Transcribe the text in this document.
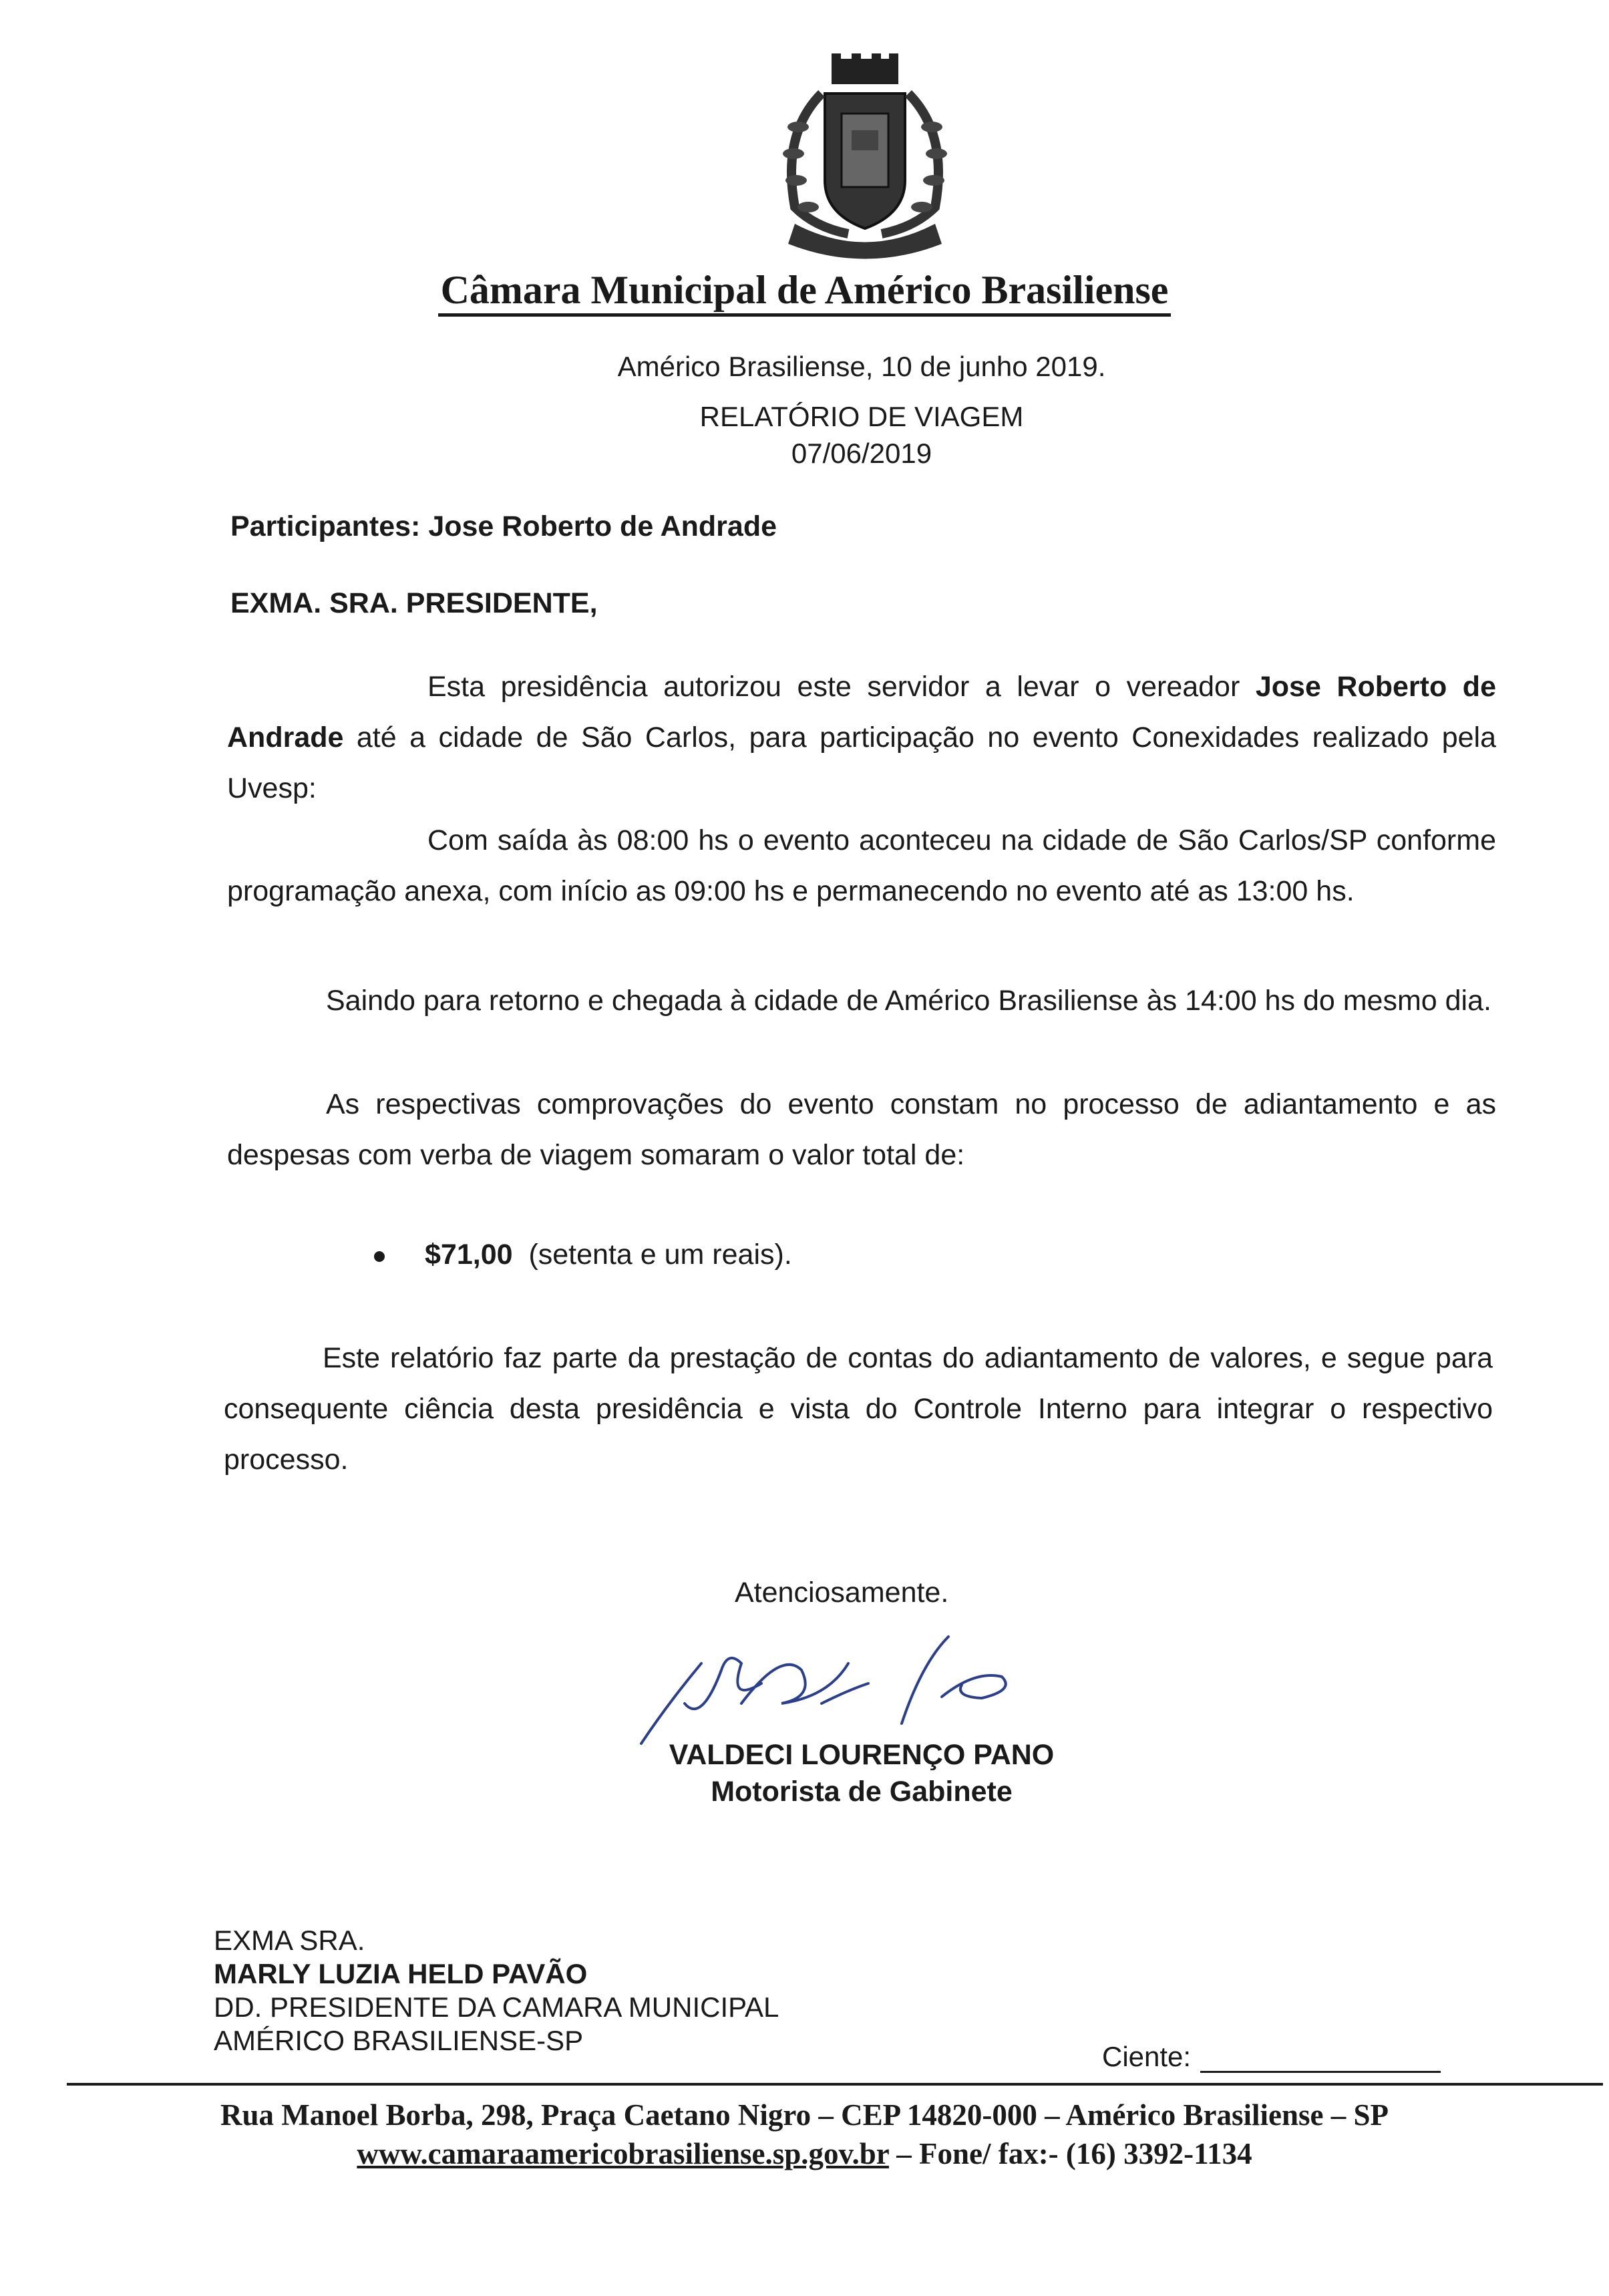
Câmara Municipal de Américo Brasiliense
Américo Brasiliense, 10 de junho 2019.
RELATÓRIO DE VIAGEM
07/06/2019
Participantes: Jose Roberto de Andrade
EXMA. SRA. PRESIDENTE,
Esta presidência autorizou este servidor a levar o vereador Jose Roberto de Andrade até a cidade de São Carlos, para participação no evento Conexidades realizado pela Uvesp:
Com saída às 08:00 hs o evento aconteceu na cidade de São Carlos/SP conforme programação anexa, com início as 09:00 hs e permanecendo no evento até as 13:00 hs.
Saindo para retorno e chegada à cidade de Américo Brasiliense às 14:00 hs do mesmo dia.
As respectivas comprovações do evento constam no processo de adiantamento e as despesas com verba de viagem somaram o valor total de:
$71,00 (setenta e um reais).
Este relatório faz parte da prestação de contas do adiantamento de valores, e segue para consequente ciência desta presidência e vista do Controle Interno para integrar o respectivo processo.
Atenciosamente.
VALDECI LOURENÇO PANO
Motorista de Gabinete
EXMA SRA.
MARLY LUZIA HELD PAVÃO
DD. PRESIDENTE DA CAMARA MUNICIPAL
AMÉRICO BRASILIENSE-SP
Ciente:
Rua Manoel Borba, 298, Praça Caetano Nigro – CEP 14820-000 – Américo Brasiliense – SP
www.camaraamericobrasiliense.sp.gov.br – Fone/ fax:- (16) 3392-1134
